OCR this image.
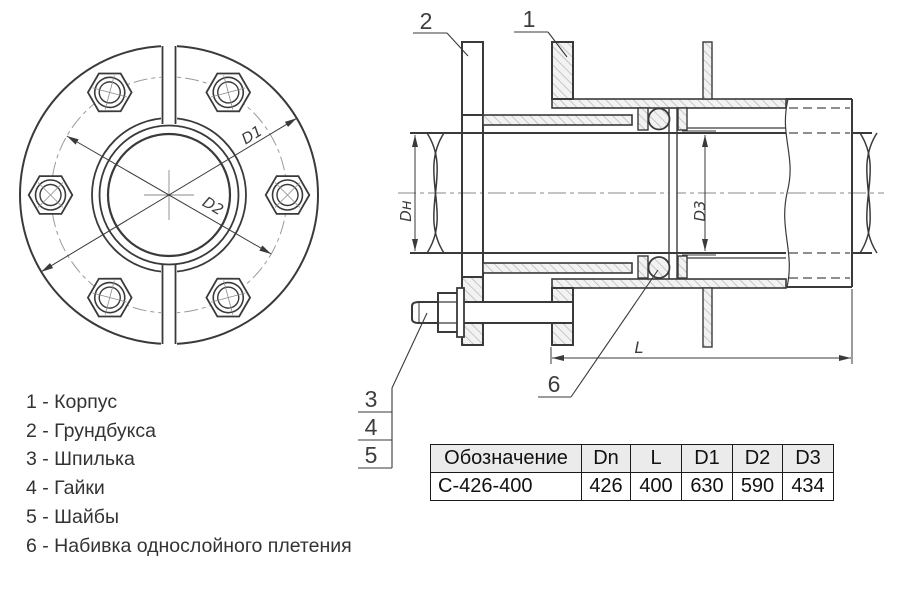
1
2
3
4
5
6
D1
D2	Dн	D3
L
1 - Корпус
2 - Грундбукса
3 - Шпилька
4 - Гайки
5 - Шайбы
6 - Набивка однослойного плетения
Обозначение	Dn	L	D1	D2	D3
С-426-400	426	400	630	590	434
